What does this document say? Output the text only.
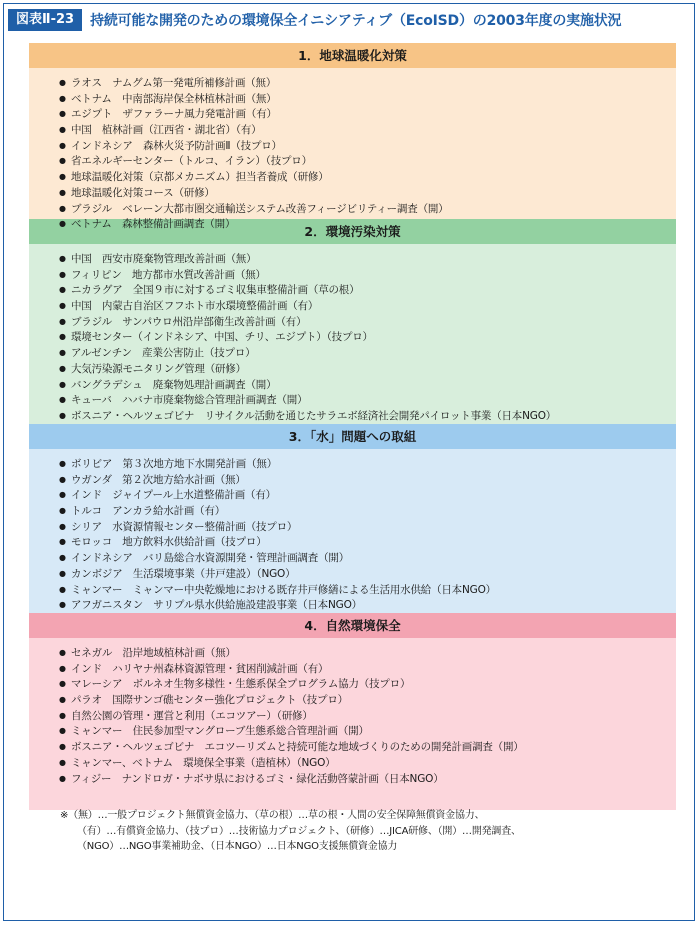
図表Ⅱ-23	持続可能な開発のための環境保全イニシアティブ（EcoISD）の2003年度の実施状況
1．地球温暖化対策
● ラオス　ナムグム第一発電所補修計画（無）
● ベトナム　中南部海岸保全林植林計画（無）
● エジプト　ザファラーナ風力発電計画（有）
● 中国　植林計画（江西省・湖北省）（有）
● インドネシア　森林火災予防計画Ⅱ（技プロ）
● 省エネルギーセンター（トルコ、イラン）（技プロ）
● 地球温暖化対策（京都メカニズム）担当者養成（研修）
● 地球温暖化対策コース（研修）
● ブラジル　ベレーン大都市圏交通輸送システム改善フィージビリティー調査（開）
● ベトナム　森林整備計画調査（開）	2．環境汚染対策
● 中国　西安市廃棄物管理改善計画（無）
● フィリピン　地方都市水質改善計画（無）
● ニカラグア　全国９市に対するゴミ収集車整備計画（草の根）
● 中国　内蒙古自治区フフホト市水環境整備計画（有）
● ブラジル　サンパウロ州沿岸部衛生改善計画（有）
● 環境センター（インドネシア、中国、チリ、エジプト）（技プロ）
● アルゼンチン　産業公害防止（技プロ）
● 大気汚染源モニタリング管理（研修）
● バングラデシュ　廃棄物処理計画調査（開）
● キューバ　ハバナ市廃棄物総合管理計画調査（開）
● ボスニア・ヘルツェゴビナ　リサイクル活動を通じたサラエボ経済社会開発パイロット事業（日本NGO）
3．「水」問題への取組
● ボリビア　第３次地方地下水開発計画（無）
● ウガンダ　第２次地方給水計画（無）
● インド　ジャイプール上水道整備計画（有）
● トルコ　アンカラ給水計画（有）
● シリア　水資源情報センター整備計画（技プロ）
● モロッコ　地方飲料水供給計画（技プロ）
● インドネシア　バリ島総合水資源開発・管理計画調査（開）
● カンボジア　生活環境事業（井戸建設）（NGO）
● ミャンマー　ミャンマー中央乾燥地における既存井戸修繕による生活用水供給（日本NGO）
● アフガニスタン　サリプル県水供給施設建設事業（日本NGO）
4．自然環境保全
● セネガル　沿岸地域植林計画（無）
● インド　ハリヤナ州森林資源管理・貧困削減計画（有）
● マレーシア　ボルネオ生物多様性・生態系保全プログラム協力（技プロ）
● パラオ　国際サンゴ礁センター強化プロジェクト（技プロ）
● 自然公園の管理・運営と利用（エコツアー）（研修）
● ミャンマー　住民参加型マングローブ生態系総合管理計画（開）
● ボスニア・ヘルツェゴビナ　エコツーリズムと持続可能な地域づくりのための開発計画調査（開）
● ミャンマー、ベトナム　環境保全事業（造植林）（NGO）
● フィジー　ナンドロガ・ナボサ県におけるゴミ・緑化活動啓蒙計画（日本NGO）
※（無）…一般プロジェクト無償資金協力、（草の根）…草の根・人間の安全保障無償資金協力、
（有）…有償資金協力、（技プロ）…技術協力プロジェクト、（研修）…JICA研修、（開）…開発調査、
（NGO）…NGO事業補助金、（日本NGO）…日本NGO支援無償資金協力
